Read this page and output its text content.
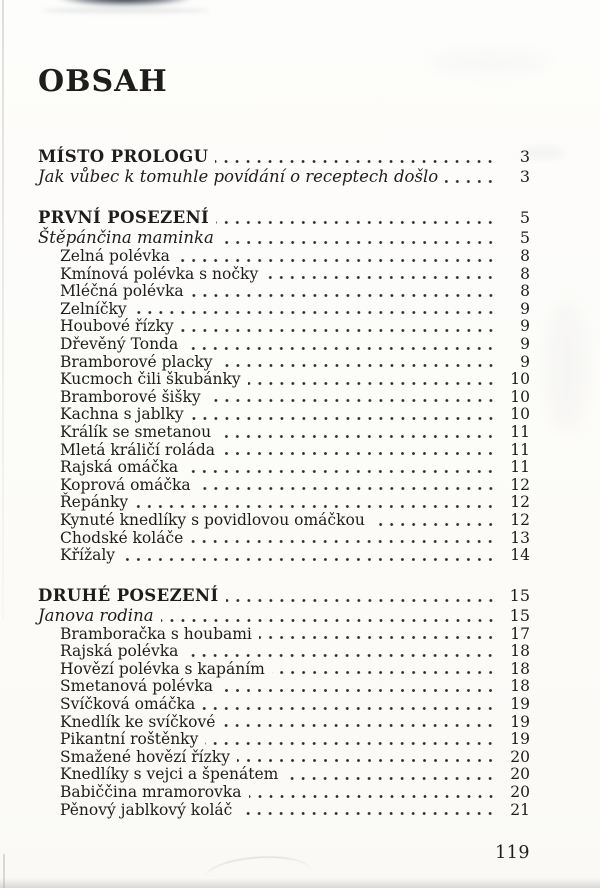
OBSAH
MÍSTO PROLOGU	3
Jak vůbec k tomuhle povídání o receptech došlo	3
PRVNÍ POSEZENÍ	5
Štěpánčina maminka	5
Zelná polévka	8
Kmínová polévka s nočky	8
Mléčná polévka	8
Zelníčky	9
Houbové řízky	9
Dřevěný Tonda	9
Bramborové placky	9
Kucmoch čili škubánky	10
Bramborové šišky	10
Kachna s jablky	10
Králík se smetanou	11
Mletá králičí roláda	11
Rajská omáčka	11
Koprová omáčka	12
Řepánky	12
Kynuté knedlíky s povidlovou omáčkou	12
Chodské koláče	13
Křížaly	14
DRUHÉ POSEZENÍ	15
Janova rodina	15
Bramboračka s houbami	17
Rajská polévka	18
Hovězí polévka s kapáním	18
Smetanová polévka	18
Svíčková omáčka	19
Knedlík ke svíčkové	19
Pikantní roštěnky	19
Smažené hovězí řízky	20
Knedlíky s vejci a špenátem	20
Babiččina mramorovka	20
Pěnový jablkový koláč	21
119
